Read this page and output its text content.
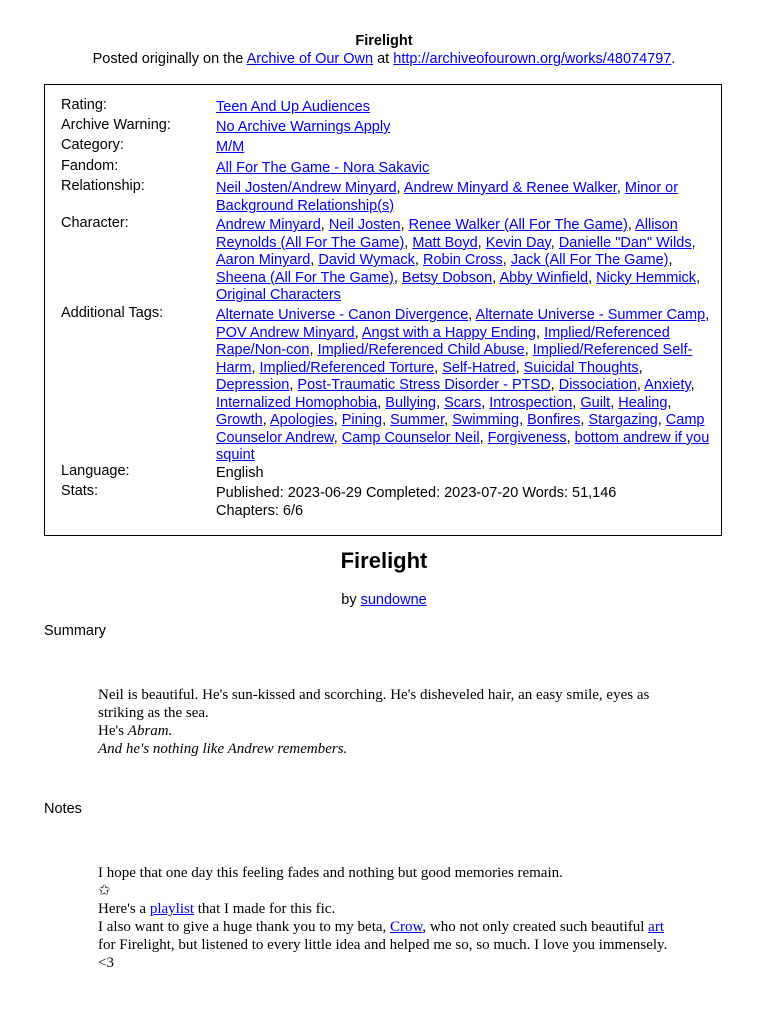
Firelight
Posted originally on the Archive of Our Own at http://archiveofourown.org/works/48074797.
Rating:	Teen And Up Audiences
Archive Warning:	No Archive Warnings Apply
Category:	M/M
Fandom:	All For The Game - Nora Sakavic
Relationship:	Neil Josten/Andrew Minyard, Andrew Minyard & Renee Walker, Minor or Background Relationship(s)
Character:	Andrew Minyard, Neil Josten, Renee Walker (All For The Game), Allison Reynolds (All For The Game), Matt Boyd, Kevin Day, Danielle "Dan" Wilds, Aaron Minyard, David Wymack, Robin Cross, Jack (All For The Game), Sheena (All For The Game), Betsy Dobson, Abby Winfield, Nicky Hemmick, Original Characters
Additional Tags:	Alternate Universe - Canon Divergence, Alternate Universe - Summer Camp, POV Andrew Minyard, Angst with a Happy Ending, Implied/Referenced Rape/Non-con, Implied/Referenced Child Abuse, Implied/Referenced Self-Harm, Implied/Referenced Torture, Self-Hatred, Suicidal Thoughts, Depression, Post-Traumatic Stress Disorder - PTSD, Dissociation, Anxiety, Internalized Homophobia, Bullying, Scars, Introspection, Guilt, Healing, Growth, Apologies, Pining, Summer, Swimming, Bonfires, Stargazing, Camp Counselor Andrew, Camp Counselor Neil, Forgiveness, bottom andrew if you squint
Language:	English
Stats:	Published: 2023-06-29 Completed: 2023-07-20 Words: 51,146
Chapters: 6/6
Firelight
by sundowne
Summary

Neil is beautiful. He's sun-kissed and scorching. He's disheveled hair, an easy smile, eyes as striking as the sea.

He's Abram.

And he's nothing like Andrew remembers.

Notes

I hope that one day this feeling fades and nothing but good memories remain.

✩

Here's a playlist that I made for this fic.

I also want to give a huge thank you to my beta, Crow, who not only created such beautiful art for Firelight, but listened to every little idea and helped me so, so much. I love you immensely. <3
